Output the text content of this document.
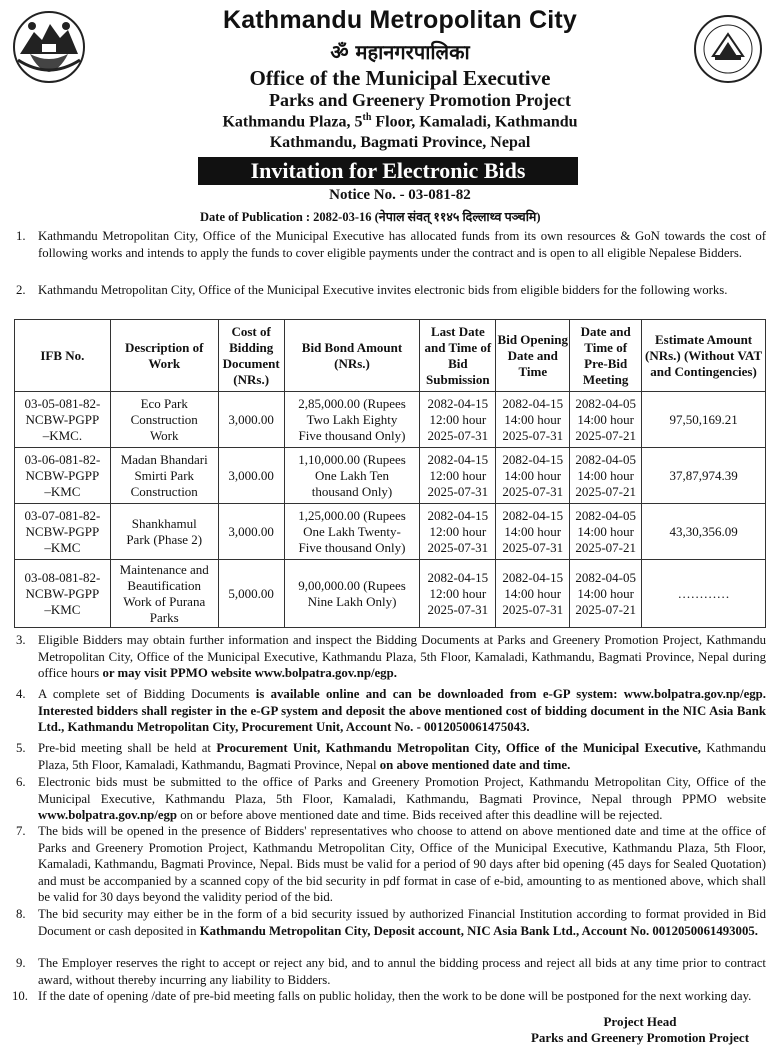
Kathmandu Metropolitan City
ॐ महानगरपालिका
Office of the Municipal Executive
Parks and Greenery Promotion Project
Kathmandu Plaza, 5th Floor, Kamaladi, Kathmandu
Kathmandu, Bagmati Province, Nepal
Invitation for Electronic Bids
Notice No. - 03-081-82
Date of Publication : 2082-03-16 (नेपाल संवत् ११४५ दिल्लाथ्व पञ्चमि)
1. Kathmandu Metropolitan City, Office of the Municipal Executive has allocated funds from its own resources & GoN towards the cost of following works and intends to apply the funds to cover eligible payments under the contract and is open to all eligible Nepalese Bidders.
2. Kathmandu Metropolitan City, Office of the Municipal Executive invites electronic bids from eligible bidders for the following works.
IFB No.	Description of Work	Cost of Bidding Document (NRs.)	Bid Bond Amount (NRs.)	Last Date and Time of Bid Submission	Bid Opening Date and Time	Date and Time of Pre-Bid Meeting	Estimate Amount (NRs.) (Without VAT and Contingencies)
03-05-081-82-
NCBW-PGPP
–KMC.	Eco Park
Construction
Work	3,000.00	2,85,000.00 (Rupees
Two Lakh Eighty
Five thousand Only)	2082-04-15
12:00 hour
2025-07-31	2082-04-15
14:00 hour
2025-07-31	2082-04-05
14:00 hour
2025-07-21	97,50,169.21
03-06-081-82-
NCBW-PGPP
–KMC	Madan Bhandari
Smirti Park
Construction	3,000.00	1,10,000.00 (Rupees
One Lakh Ten
thousand Only)	2082-04-15
12:00 hour
2025-07-31	2082-04-15
14:00 hour
2025-07-31	2082-04-05
14:00 hour
2025-07-21	37,87,974.39
03-07-081-82-
NCBW-PGPP
–KMC	Shankhamul
Park (Phase 2)	3,000.00	1,25,000.00 (Rupees
One Lakh Twenty-
Five thousand Only)	2082-04-15
12:00 hour
2025-07-31	2082-04-15
14:00 hour
2025-07-31	2082-04-05
14:00 hour
2025-07-21	43,30,356.09
03-08-081-82-
NCBW-PGPP
–KMC	Maintenance and
Beautification
Work of Purana
Parks	5,000.00	9,00,000.00 (Rupees
Nine Lakh Only)	2082-04-15
12:00 hour
2025-07-31	2082-04-15
14:00 hour
2025-07-31	2082-04-05
14:00 hour
2025-07-21	…………
3. Eligible Bidders may obtain further information and inspect the Bidding Documents at Parks and Greenery Promotion Project, Kathmandu Metropolitan City, Office of the Municipal Executive, Kathmandu Plaza, 5th Floor, Kamaladi, Kathmandu, Bagmati Province, Nepal during office hours or may visit PPMO website www.bolpatra.gov.np/egp.
4. A complete set of Bidding Documents is available online and can be downloaded from e-GP system: www.bolpatra.gov.np/egp. Interested bidders shall register in the e-GP system and deposit the above mentioned cost of bidding document in the NIC Asia Bank Ltd., Kathmandu Metropolitan City, Procurement Unit, Account No. - 0012050061475043.
5. Pre-bid meeting shall be held at Procurement Unit, Kathmandu Metropolitan City, Office of the Municipal Executive, Kathmandu Plaza, 5th Floor, Kamaladi, Kathmandu, Bagmati Province, Nepal on above mentioned date and time.
6. Electronic bids must be submitted to the office of Parks and Greenery Promotion Project, Kathmandu Metropolitan City, Office of the Municipal Executive, Kathmandu Plaza, 5th Floor, Kamaladi, Kathmandu, Bagmati Province, Nepal through PPMO website www.bolpatra.gov.np/egp on or before above mentioned date and time. Bids received after this deadline will be rejected.
7. The bids will be opened in the presence of Bidders' representatives who choose to attend on above mentioned date and time at the office of Parks and Greenery Promotion Project, Kathmandu Metropolitan City, Office of the Municipal Executive, Kathmandu Plaza, 5th Floor, Kamaladi, Kathmandu, Bagmati Province, Nepal. Bids must be valid for a period of 90 days after bid opening (45 days for Sealed Quotation) and must be accompanied by a scanned copy of the bid security in pdf format in case of e-bid, amounting to as mentioned above, which shall be valid for 30 days beyond the validity period of the bid.
8. The bid security may either be in the form of a bid security issued by authorized Financial Institution according to format provided in Bid Document or cash deposited in Kathmandu Metropolitan City, Deposit account, NIC Asia Bank Ltd., Account No. 0012050061493005.
9. The Employer reserves the right to accept or reject any bid, and to annul the bidding process and reject all bids at any time prior to contract award, without thereby incurring any liability to Bidders.
10. If the date of opening /date of pre-bid meeting falls on public holiday, then the work to be done will be postponed for the next working day.
Project Head
Parks and Greenery Promotion Project
